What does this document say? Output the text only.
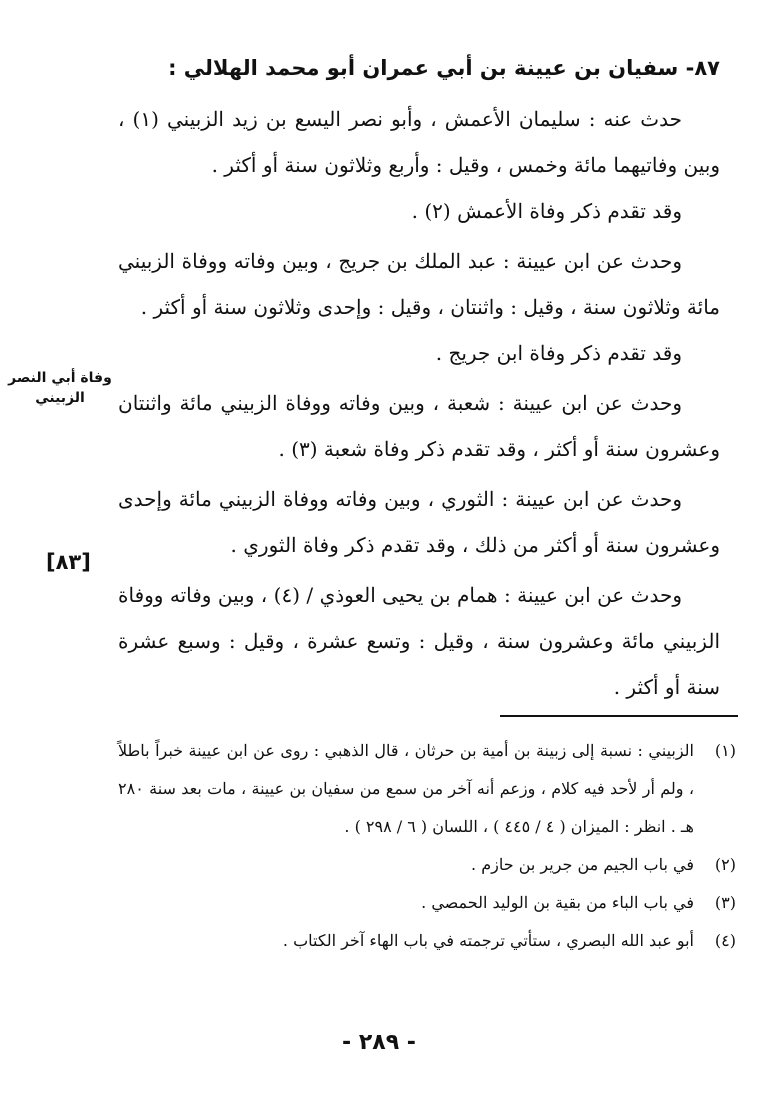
٨٧- سفيان بن عيينة بن أبي عمران أبو محمد الهلالي :

حدث عنه : سليمان الأعمش ، وأبو نصر اليسع بن زيد الزبيني (١) ، وبين وفاتيهما مائة وخمس ، وقيل : وأربع وثلاثون سنة أو أكثر .

وقد تقدم ذكر وفاة الأعمش (٢) .

وحدث عن ابن عيينة : عبد الملك بن جريج ، وبين وفاته ووفاة الزبيني مائة وثلاثون سنة ، وقيل : واثنتان ، وقيل : وإحدى وثلاثون سنة أو أكثر .

وقد تقدم ذكر وفاة ابن جريج .

وحدث عن ابن عيينة : شعبة ، وبين وفاته ووفاة الزبيني مائة واثنتان وعشرون سنة أو أكثر ، وقد تقدم ذكر وفاة شعبة (٣) .

وحدث عن ابن عيينة : الثوري ، وبين وفاته ووفاة الزبيني مائة وإحدى وعشرون سنة أو أكثر من ذلك ، وقد تقدم ذكر وفاة الثوري .

وحدث عن ابن عيينة : همام بن يحيى العوذي / (٤) ، وبين وفاته ووفاة الزبيني مائة وعشرون سنة ، وقيل : وتسع عشرة ، وقيل : وسبع عشرة سنة أو أكثر .

وفاة أبي النصر الزبيني
[٨٣]
(١)
الزبيني : نسبة إلى زبينة بن أمية بن حرثان ، قال الذهبي : روى عن ابن عيينة خبراً باطلاً ، ولم أر لأحد فيه كلام ، وزعم أنه آخر من سمع من سفيان بن عيينة ، مات بعد سنة ٢٨٠ هـ . انظر : الميزان ( ٤ / ٤٤٥ ) ، اللسان ( ٦ / ٢٩٨ ) .
(٢)
في باب الجيم من جرير بن حازم .
(٣)
في باب الباء من بقية بن الوليد الحمصي .
(٤)
أبو عبد الله البصري ، ستأتي ترجمته في باب الهاء آخر الكتاب .
- ٢٨٩ -
